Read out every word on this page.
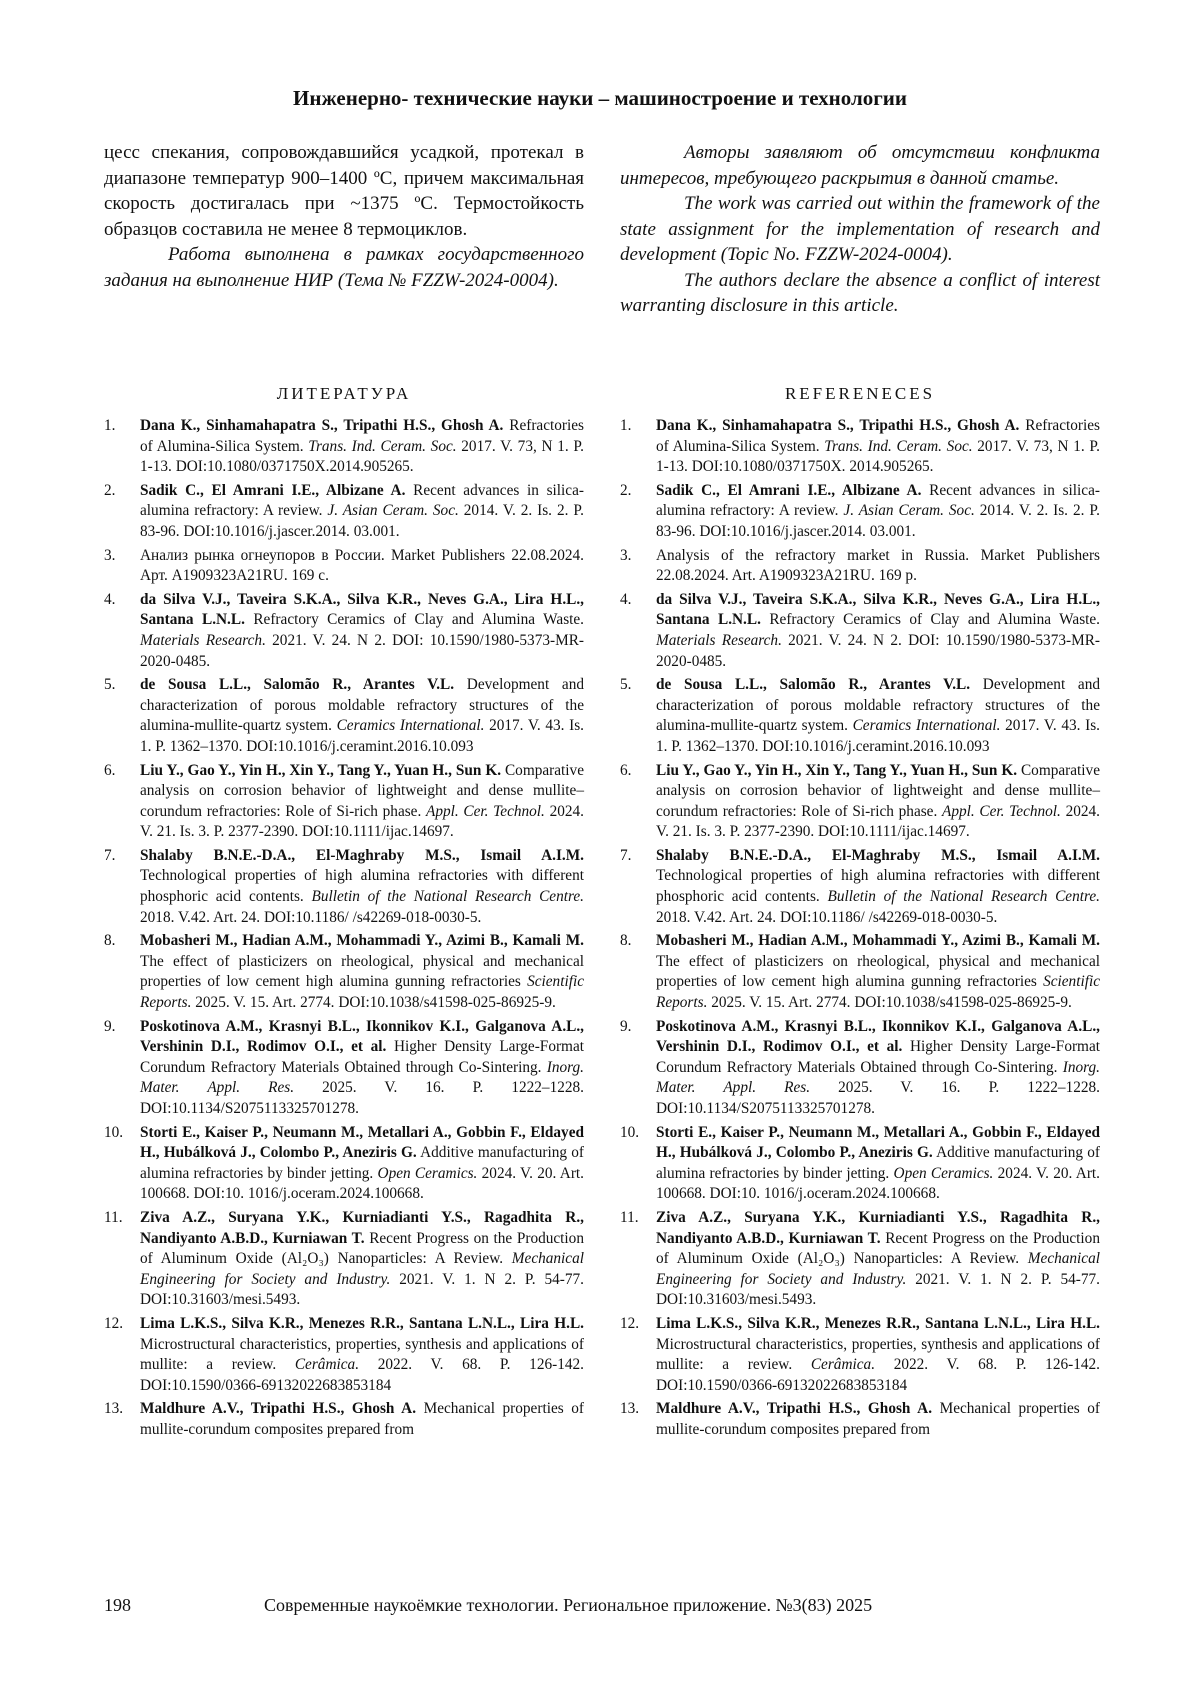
Инженерно- технические науки – машиностроение и технологии

цесс спекания, сопровождавшийся усадкой, протекал в диапазоне температур 900–1400 ºС, причем максимальная скорость достигалась при ~1375 ºС. Термостойкость образцов составила не менее 8 термоциклов.

Работа выполнена в рамках государственного задания на выполнение НИР (Тема № FZZW-2024-0004).

Авторы заявляют об отсутствии конфликта интересов, требующего раскрытия в данной статье.

The work was carried out within the framework of the state assignment for the implementation of research and development (Topic No. FZZW-2024-0004).

The authors declare the absence a conflict of interest warranting disclosure in this article.

ЛИТЕРАТУРА	REFERENECES
1. Dana K., Sinhamahapatra S., Tripathi H.S., Ghosh A. Refractories of Alumina-Silica System. Trans. Ind. Ceram. Soc. 2017. V. 73, N 1. P. 1-13. DOI:10.1080/0371750X.2014.905265.
2. Sadik C., El Amrani I.E., Albizane A. Recent advances in silica-alumina refractory: A review. J. Asian Ceram. Soc. 2014. V. 2. Is. 2. P. 83-96. DOI:10.1016/j.jascer.2014. 03.001.
3. Анализ рынка огнеупоров в России. Market Publishers 22.08.2024. Арт. A1909323A21RU. 169 с.
4. da Silva V.J., Taveira S.K.A., Silva K.R., Neves G.A., Lira H.L., Santana L.N.L. Refractory Ceramics of Clay and Alumina Waste. Materials Research. 2021. V. 24. N 2. DOI: 10.1590/1980-5373-MR-2020-0485.
5. de Sousa L.L., Salomão R., Arantes V.L. Development and characterization of porous moldable refractory structures of the alumina-mullite-quartz system. Ceramics International. 2017. V. 43. Is. 1. P. 1362–1370. DOI:10.1016/j.ceramint.2016.10.093
6. Liu Y., Gao Y., Yin H., Xin Y., Tang Y., Yuan H., Sun K. Comparative analysis on corrosion behavior of lightweight and dense mullite–corundum refractories: Role of Si-rich phase. Appl. Cer. Technol. 2024. V. 21. Is. 3. P. 2377-2390. DOI:10.1111/ijac.14697.
7. Shalaby B.N.E.-D.A., El-Maghraby M.S., Ismail A.I.M. Technological properties of high alumina refractories with different phosphoric acid contents. Bulletin of the National Research Centre. 2018. V.42. Art. 24. DOI:10.1186/ /s42269-018-0030-5.
8. Mobasheri M., Hadian A.M., Mohammadi Y., Azimi B., Kamali M. The effect of plasticizers on rheological, physical and mechanical properties of low cement high alumina gunning refractories Scientific Reports. 2025. V. 15. Art. 2774. DOI:10.1038/s41598-025-86925-9.
9. Poskotinova A.M., Krasnyi B.L., Ikonnikov K.I., Galganova A.L., Vershinin D.I., Rodimov O.I., et al. Higher Density Large-Format Corundum Refractory Materials Obtained through Co-Sintering. Inorg. Mater. Appl. Res. 2025. V. 16. P. 1222–1228. DOI:10.1134/S2075113325701278.
10. Storti E., Kaiser P., Neumann M., Metallari A., Gobbin F., Eldayed H., Hubálková J., Colombo P., Aneziris G. Additive manufacturing of alumina refractories by binder jetting. Open Ceramics. 2024. V. 20. Art. 100668. DOI:10. 1016/j.oceram.2024.100668.
11. Ziva A.Z., Suryana Y.K., Kurniadianti Y.S., Ragadhita R., Nandiyanto A.B.D., Kurniawan T. Recent Progress on the Production of Aluminum Oxide (Al₂O₃) Nanoparticles: A Review. Mechanical Engineering for Society and Industry. 2021. V. 1. N 2. P. 54-77. DOI:10.31603/mesi.5493.
12. Lima L.K.S., Silva K.R., Menezes R.R., Santana L.N.L., Lira H.L. Microstructural characteristics, properties, synthesis and applications of mullite: a review. Cerâmica. 2022. V. 68. P. 126-142. DOI:10.1590/0366-69132022683853184
13. Maldhure A.V., Tripathi H.S., Ghosh A. Mechanical properties of mullite-corundum composites prepared from
1. Dana K., Sinhamahapatra S., Tripathi H.S., Ghosh A. Refractories of Alumina-Silica System. Trans. Ind. Ceram. Soc. 2017. V. 73, N 1. P. 1-13. DOI:10.1080/0371750X. 2014.905265.
2. Sadik C., El Amrani I.E., Albizane A. Recent advances in silica-alumina refractory: A review. J. Asian Ceram. Soc. 2014. V. 2. Is. 2. P. 83-96. DOI:10.1016/j.jascer.2014. 03.001.
3. Analysis of the refractory market in Russia. Market Publishers 22.08.2024. Art. A1909323A21RU. 169 p.
4. da Silva V.J., Taveira S.K.A., Silva K.R., Neves G.A., Lira H.L., Santana L.N.L. Refractory Ceramics of Clay and Alumina Waste. Materials Research. 2021. V. 24. N 2. DOI: 10.1590/1980-5373-MR-2020-0485.
5. de Sousa L.L., Salomão R., Arantes V.L. Development and characterization of porous moldable refractory structures of the alumina-mullite-quartz system. Ceramics International. 2017. V. 43. Is. 1. P. 1362–1370. DOI:10.1016/j.ceramint.2016.10.093
6. Liu Y., Gao Y., Yin H., Xin Y., Tang Y., Yuan H., Sun K. Comparative analysis on corrosion behavior of lightweight and dense mullite–corundum refractories: Role of Si-rich phase. Appl. Cer. Technol. 2024. V. 21. Is. 3. P. 2377-2390. DOI:10.1111/ijac.14697.
7. Shalaby B.N.E.-D.A., El-Maghraby M.S., Ismail A.I.M. Technological properties of high alumina refractories with different phosphoric acid contents. Bulletin of the National Research Centre. 2018. V.42. Art. 24. DOI:10.1186/ /s42269-018-0030-5.
8. Mobasheri M., Hadian A.M., Mohammadi Y., Azimi B., Kamali M. The effect of plasticizers on rheological, physical and mechanical properties of low cement high alumina gunning refractories Scientific Reports. 2025. V. 15. Art. 2774. DOI:10.1038/s41598-025-86925-9.
9. Poskotinova A.M., Krasnyi B.L., Ikonnikov K.I., Galganova A.L., Vershinin D.I., Rodimov O.I., et al. Higher Density Large-Format Corundum Refractory Materials Obtained through Co-Sintering. Inorg. Mater. Appl. Res. 2025. V. 16. P. 1222–1228. DOI:10.1134/S2075113325701278.
10. Storti E., Kaiser P., Neumann M., Metallari A., Gobbin F., Eldayed H., Hubálková J., Colombo P., Aneziris G. Additive manufacturing of alumina refractories by binder jetting. Open Ceramics. 2024. V. 20. Art. 100668. DOI:10. 1016/j.oceram.2024.100668.
11. Ziva A.Z., Suryana Y.K., Kurniadianti Y.S., Ragadhita R., Nandiyanto A.B.D., Kurniawan T. Recent Progress on the Production of Aluminum Oxide (Al₂O₃) Nanoparticles: A Review. Mechanical Engineering for Society and Industry. 2021. V. 1. N 2. P. 54-77. DOI:10.31603/mesi.5493.
12. Lima L.K.S., Silva K.R., Menezes R.R., Santana L.N.L., Lira H.L. Microstructural characteristics, properties, synthesis and applications of mullite: a review. Cerâmica. 2022. V. 68. P. 126-142. DOI:10.1590/0366-69132022683853184
13. Maldhure A.V., Tripathi H.S., Ghosh A. Mechanical properties of mullite-corundum composites prepared from
198	Современные наукоёмкие технологии. Региональное приложение. №3(83) 2025
